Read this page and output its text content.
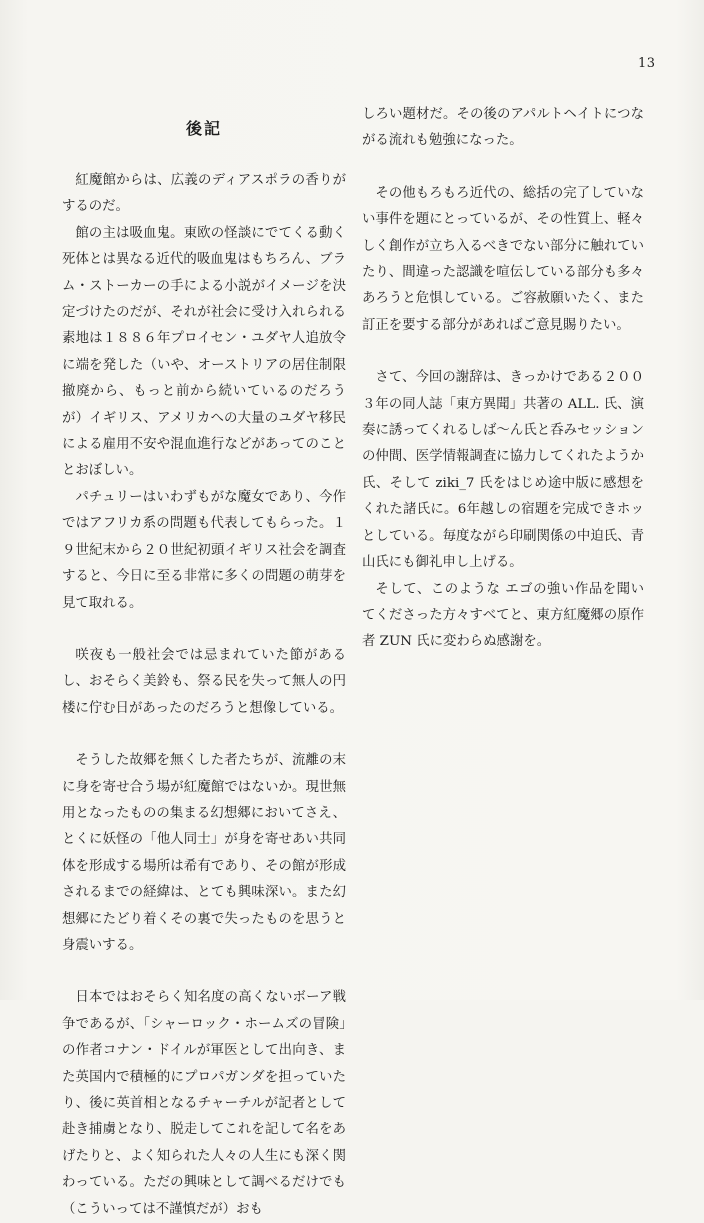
13
後記

紅魔館からは、広義のディアスポラの香りがするのだ。

館の主は吸血鬼。東欧の怪談にでてくる動く死体とは異なる近代的吸血鬼はもちろん、ブラム・ストーカーの手による小説がイメージを決定づけたのだが、それが社会に受け入れられる素地は１８８６年プロイセン・ユダヤ人追放令に端を発した（いや、オーストリアの居住制限撤廃から、もっと前から続いているのだろうが）イギリス、アメリカへの大量のユダヤ移民による雇用不安や混血進行などがあってのこととおぼしい。

パチュリーはいわずもがな魔女であり、今作ではアフリカ系の問題も代表してもらった。１９世紀末から２０世紀初頭イギリス社会を調査すると、今日に至る非常に多くの問題の萌芽を見て取れる。

咲夜も一般社会では忌まれていた節があるし、おそらく美鈴も、祭る民を失って無人の円楼に佇む日があったのだろうと想像している。

そうした故郷を無くした者たちが、流離の末に身を寄せ合う場が紅魔館ではないか。現世無用となったものの集まる幻想郷においてさえ、とくに妖怪の「他人同士」が身を寄せあい共同体を形成する場所は希有であり、その館が形成されるまでの経緯は、とても興味深い。また幻想郷にたどり着くその裏で失ったものを思うと身震いする。

日本ではおそらく知名度の高くないボーア戦争であるが、「シャーロック・ホームズの冒険」の作者コナン・ドイルが軍医として出向き、また英国内で積極的にプロパガンダを担っていたり、後に英首相となるチャーチルが記者として赴き捕虜となり、脱走してこれを記して名をあげたりと、よく知られた人々の人生にも深く関わっている。ただの興味として調べるだけでも（こういっては不謹慎だが）おも

しろい題材だ。その後のアパルトヘイトにつながる流れも勉強になった。

その他もろもろ近代の、総括の完了していない事件を題にとっているが、その性質上、軽々しく創作が立ち入るべきでない部分に触れていたり、間違った認識を喧伝している部分も多々あろうと危惧している。ご容赦願いたく、また訂正を要する部分があればご意見賜りたい。

さて、今回の謝辞は、きっかけである２００３年の同人誌「東方異聞」共著の ALL. 氏、演奏に誘ってくれるしば〜ん氏と呑みセッションの仲間、医学情報調査に協力してくれたようか氏、そして ziki_7 氏をはじめ途中版に感想をくれた諸氏に。6年越しの宿題を完成できホッとしている。毎度ながら印刷関係の中迫氏、青山氏にも御礼申し上げる。

そして、このような エゴの強い作品を聞いてくださった方々すべてと、東方紅魔郷の原作者 ZUN 氏に変わらぬ感謝を。
